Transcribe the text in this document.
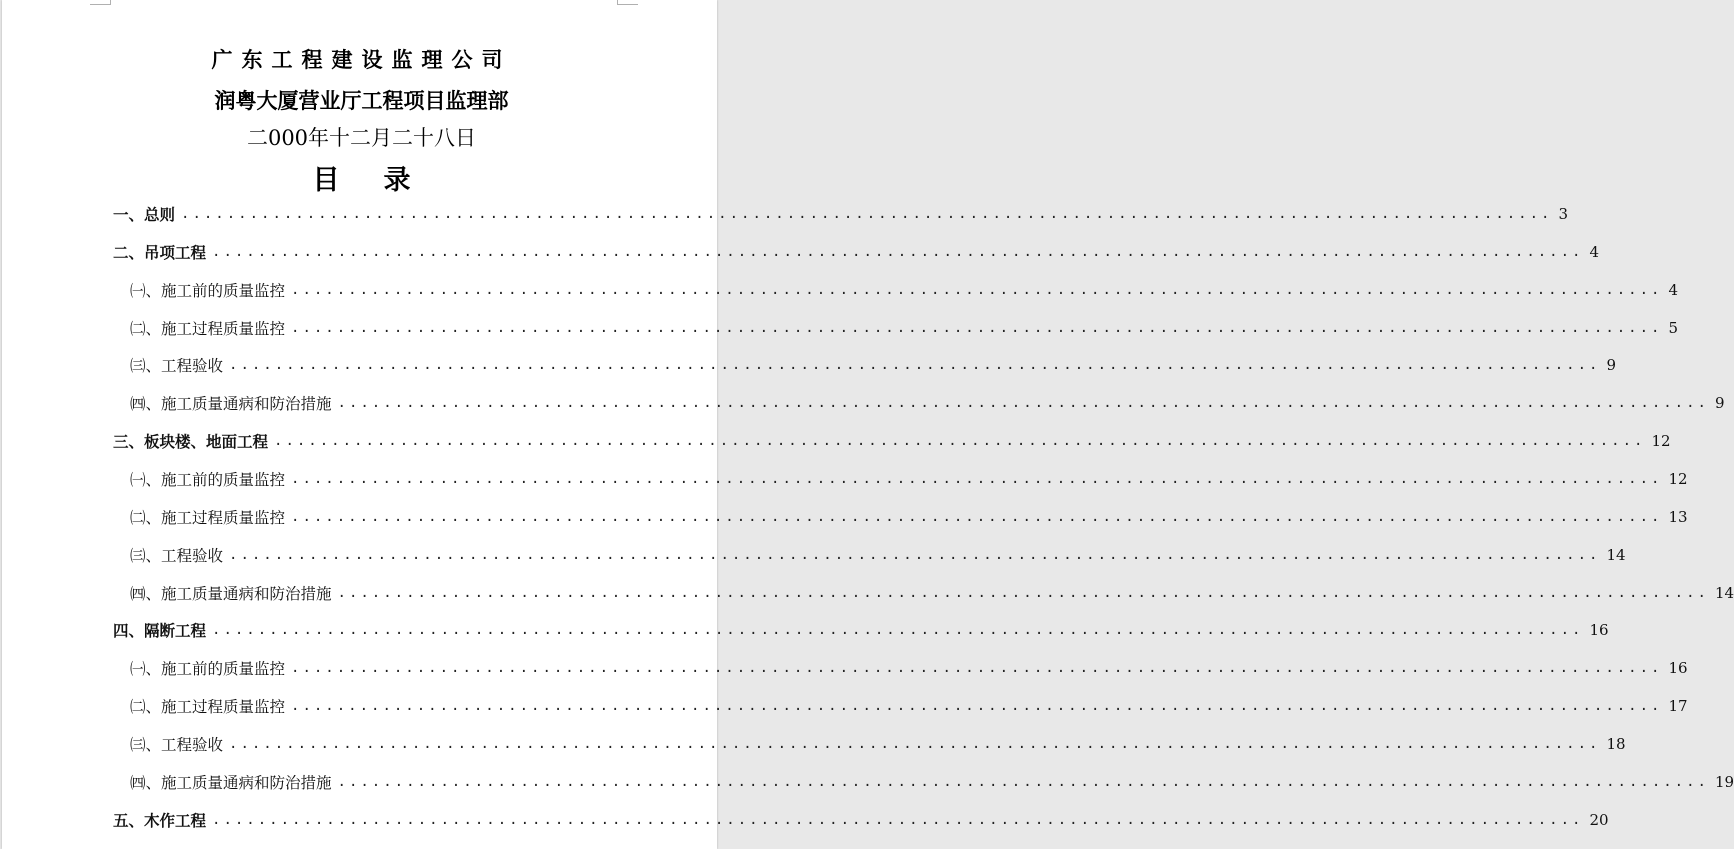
广东工程建设监理公司
润粤大厦营业厅工程项目监理部
二000年十二月二十八日
目录
一、总则 ........................................................................................................................ 3
二、吊项工程 ........................................................................................................................ 4
㈠、施工前的质量监控 ........................................................................................................................ 4
㈡、施工过程质量监控 ........................................................................................................................ 5
㈢、工程验收 ........................................................................................................................ 9
㈣、施工质量通病和防治措施 ........................................................................................................................ 9
三、板块楼、地面工程 ........................................................................................................................ 12
㈠、施工前的质量监控 ........................................................................................................................ 12
㈡、施工过程质量监控 ........................................................................................................................ 13
㈢、工程验收 ........................................................................................................................ 14
㈣、施工质量通病和防治措施 ........................................................................................................................ 14
四、隔断工程 ........................................................................................................................ 16
㈠、施工前的质量监控 ........................................................................................................................ 16
㈡、施工过程质量监控 ........................................................................................................................ 17
㈢、工程验收 ........................................................................................................................ 18
㈣、施工质量通病和防治措施 ........................................................................................................................ 19
五、木作工程 ........................................................................................................................ 20
